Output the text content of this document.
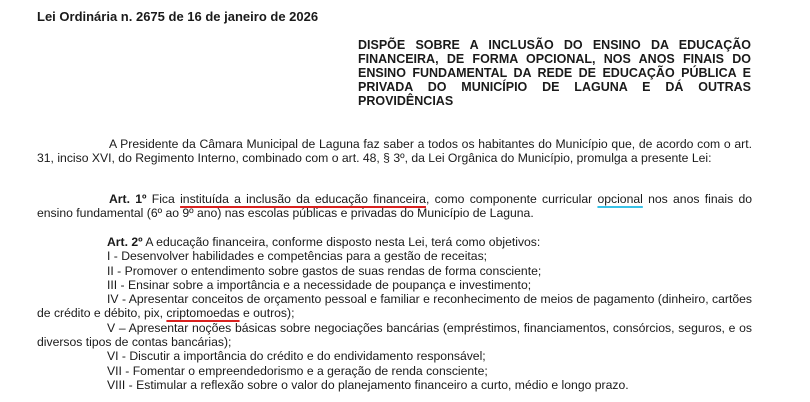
Lei Ordinária n. 2675 de 16 de janeiro de 2026
DISPÕE SOBRE A INCLUSÃO DO ENSINO DA EDUCAÇÃO FINANCEIRA, DE FORMA OPCIONAL, NOS ANOS FINAIS DO ENSINO FUNDAMENTAL DA REDE DE EDUCAÇÃO PÚBLICA E PRIVADA DO MUNICÍPIO DE LAGUNA E DÁ OUTRAS PROVIDÊNCIAS
A Presidente da Câmara Municipal de Laguna faz saber a todos os habitantes do Município que, de acordo com o art. 31, inciso XVI, do Regimento Interno, combinado com o art. 48, § 3º, da Lei Orgânica do Município, promulga a presente Lei:
Art. 1º Fica instituída a inclusão da educação financeira, como componente curricular opcional nos anos finais do ensino fundamental (6º ao 9º ano) nas escolas públicas e privadas do Município de Laguna.
Art. 2º A educação financeira, conforme disposto nesta Lei, terá como objetivos:
I - Desenvolver habilidades e competências para a gestão de receitas;
II - Promover o entendimento sobre gastos de suas rendas de forma consciente;
III - Ensinar sobre a importância e a necessidade de poupança e investimento;
IV - Apresentar conceitos de orçamento pessoal e familiar e reconhecimento de meios de pagamento (dinheiro, cartões de crédito e débito, pix, criptomoedas e outros);
V – Apresentar noções básicas sobre negociações bancárias (empréstimos, financiamentos, consórcios, seguros, e os diversos tipos de contas bancárias);
VI - Discutir a importância do crédito e do endividamento responsável;
VII - Fomentar o empreendedorismo e a geração de renda consciente;
VIII - Estimular a reflexão sobre o valor do planejamento financeiro a curto, médio e longo prazo.
